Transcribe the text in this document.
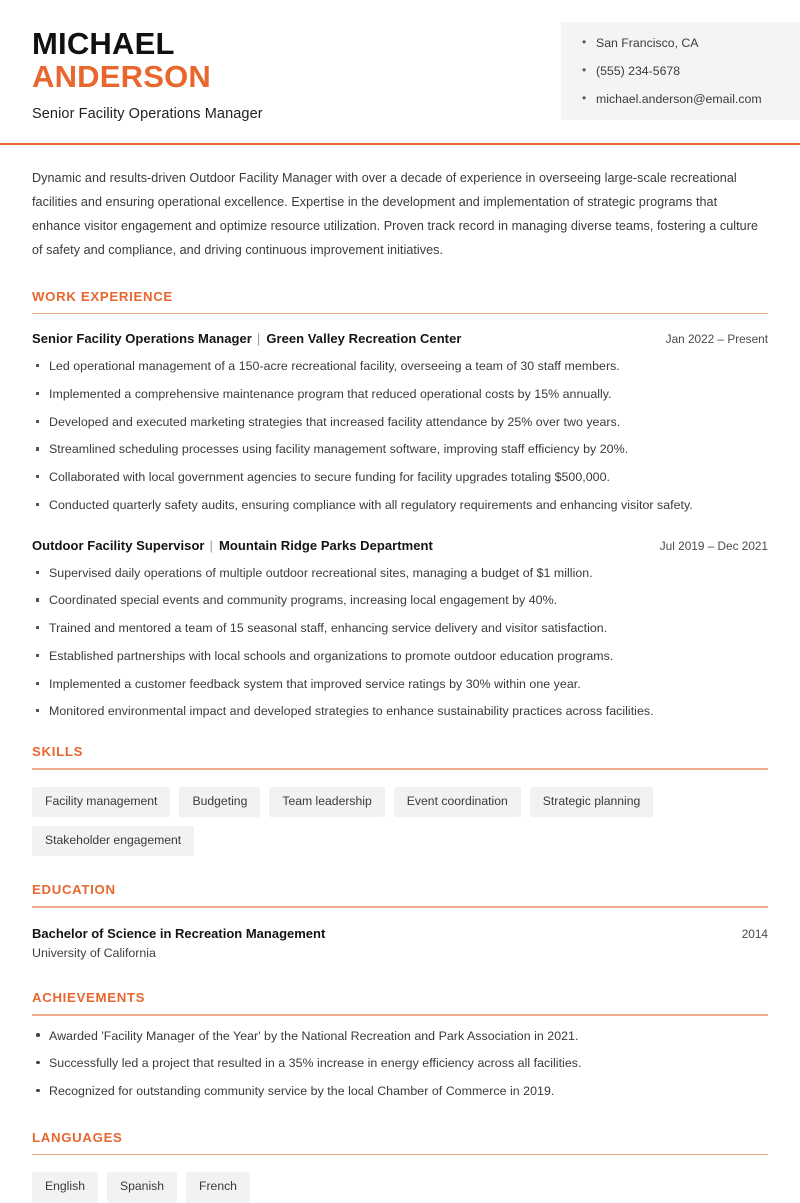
MICHAEL
ANDERSON
Senior Facility Operations Manager
• San Francisco, CA
• (555) 234-5678
• michael.anderson@email.com
Dynamic and results-driven Outdoor Facility Manager with over a decade of experience in overseeing large-scale recreational facilities and ensuring operational excellence. Expertise in the development and implementation of strategic programs that enhance visitor engagement and optimize resource utilization. Proven track record in managing diverse teams, fostering a culture of safety and compliance, and driving continuous improvement initiatives.
WORK EXPERIENCE
Senior Facility Operations Manager | Green Valley Recreation Center	Jan 2022 – Present
Led operational management of a 150-acre recreational facility, overseeing a team of 30 staff members.
Implemented a comprehensive maintenance program that reduced operational costs by 15% annually.
Developed and executed marketing strategies that increased facility attendance by 25% over two years.
Streamlined scheduling processes using facility management software, improving staff efficiency by 20%.
Collaborated with local government agencies to secure funding for facility upgrades totaling $500,000.
Conducted quarterly safety audits, ensuring compliance with all regulatory requirements and enhancing visitor safety.
Outdoor Facility Supervisor | Mountain Ridge Parks Department	Jul 2019 – Dec 2021
Supervised daily operations of multiple outdoor recreational sites, managing a budget of $1 million.
Coordinated special events and community programs, increasing local engagement by 40%.
Trained and mentored a team of 15 seasonal staff, enhancing service delivery and visitor satisfaction.
Established partnerships with local schools and organizations to promote outdoor education programs.
Implemented a customer feedback system that improved service ratings by 30% within one year.
Monitored environmental impact and developed strategies to enhance sustainability practices across facilities.
SKILLS
Facility management	Budgeting	Team leadership	Event coordination	Strategic planning
Stakeholder engagement
EDUCATION
Bachelor of Science in Recreation Management	2014
University of California
ACHIEVEMENTS
Awarded 'Facility Manager of the Year' by the National Recreation and Park Association in 2021.
Successfully led a project that resulted in a 35% increase in energy efficiency across all facilities.
Recognized for outstanding community service by the local Chamber of Commerce in 2019.
LANGUAGES
English	Spanish	French
